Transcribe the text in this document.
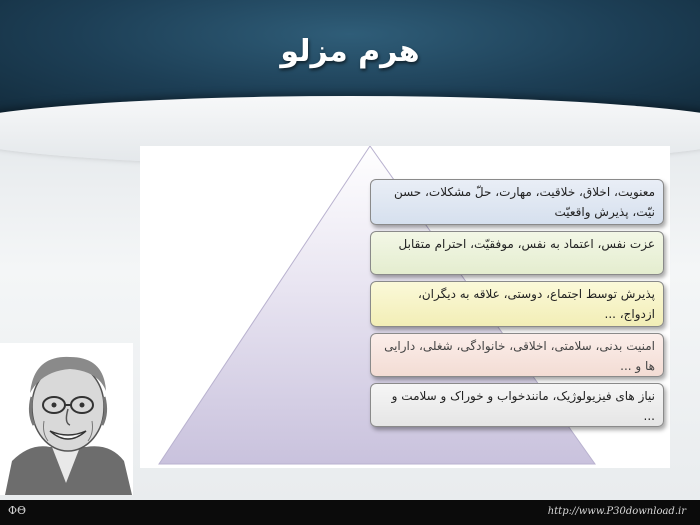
هرم مزلو
معنویت، اخلاق، خلاقیت، مهارت، حلّ مشکلات، حسن نیّت، پذیرش واقعیّت
عزت نفس، اعتماد به نفس، موفقیّت، احترام متقابل
پذیرش توسط اجتماع، دوستی، علاقه به دیگران، ازدواج، ...
امنیت بدنی، سلامتی، اخلاقی، خانوادگی، شغلی، دارایی ها و ...
نیاز های فیزیولوژیک، مانندخواب و خوراک و سلامت و ...
ΦΘ	http://www.P30download.ir
